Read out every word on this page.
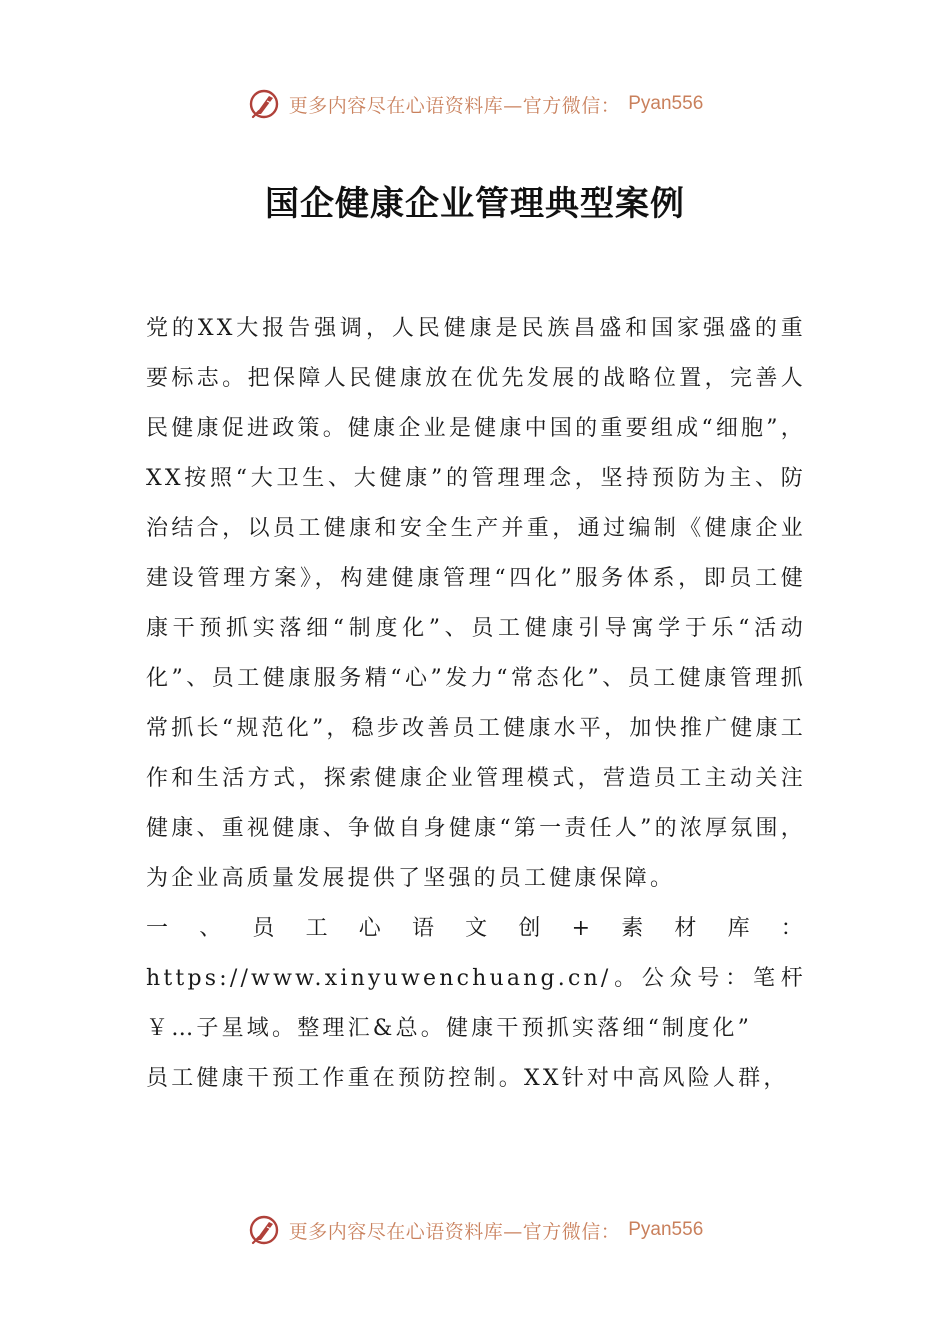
更多内容尽在心语资料库—官方微信： Pyan556
国企健康企业管理典型案例

党的XX大报告强调，人民健康是民族昌盛和国家强盛的重要标志。把保障人民健康放在优先发展的战略位置，完善人民健康促进政策。健康企业是健康中国的重要组成“细胞”，XX按照“大卫生、大健康”的管理理念，坚持预防为主、防治结合，以员工健康和安全生产并重，通过编制《健康企业建设管理方案》，构建健康管理“四化”服务体系，即员工健康干预抓实落细“制度化”、员工健康引导寓学于乐“活动化”、员工健康服务精“心”发力“常态化”、员工健康管理抓常抓长“规范化”，稳步改善员工健康水平，加快推广健康工作和生活方式，探索健康企业管理模式，营造员工主动关注健康、重视健康、争做自身健康“第一责任人”的浓厚氛围，为企业高质量发展提供了坚强的员工健康保障。

一、员工心语文创+素材库：https://www.xinyuwenchuang.cn/。公众号：笔杆￥…子星域。整理汇&总。健康干预抓实落细“制度化”

员工健康干预工作重在预防控制。XX针对中高风险人群，

更多内容尽在心语资料库—官方微信： Pyan556
